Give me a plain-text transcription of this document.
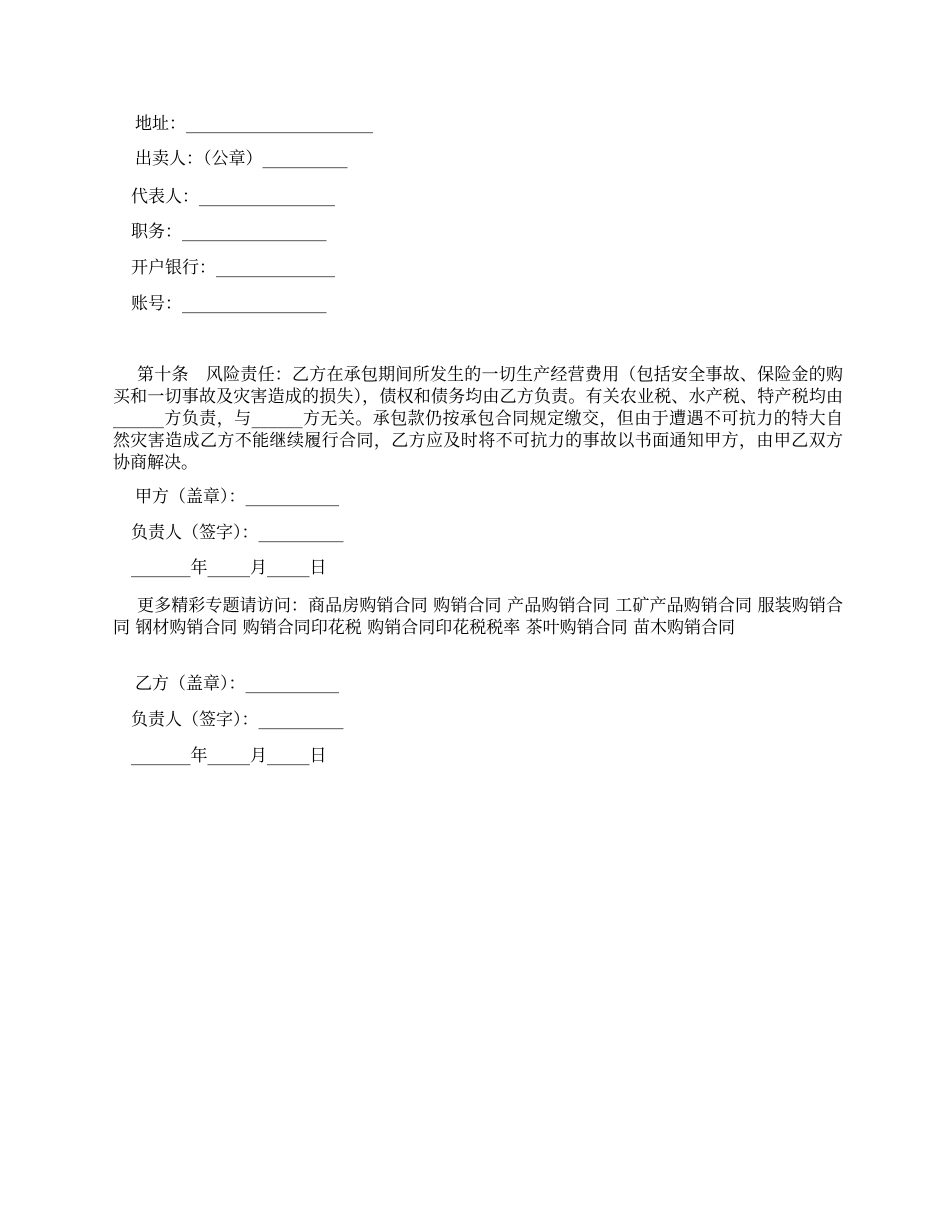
地址：______________________
出卖人：（公章）__________
代表人：________________
职务：_________________
开户银行：______________
账号：_________________
第十条　风险责任：乙方在承包期间所发生的一切生产经营费用（包括安全事故、保险金的购买和一切事故及灾害造成的损失），债权和债务均由乙方负责。有关农业税、水产税、特产税均由______方负责，与______方无关。承包款仍按承包合同规定缴交，但由于遭遇不可抗力的特大自然灾害造成乙方不能继续履行合同，乙方应及时将不可抗力的事故以书面通知甲方，由甲乙双方协商解决。
甲方（盖章）：___________
负责人（签字）：__________
_______年_____月_____日
更多精彩专题请访问：商品房购销合同 购销合同 产品购销合同 工矿产品购销合同 服装购销合同 钢材购销合同 购销合同印花税 购销合同印花税税率 茶叶购销合同 苗木购销合同
乙方（盖章）：___________
负责人（签字）：__________
_______年_____月_____日
